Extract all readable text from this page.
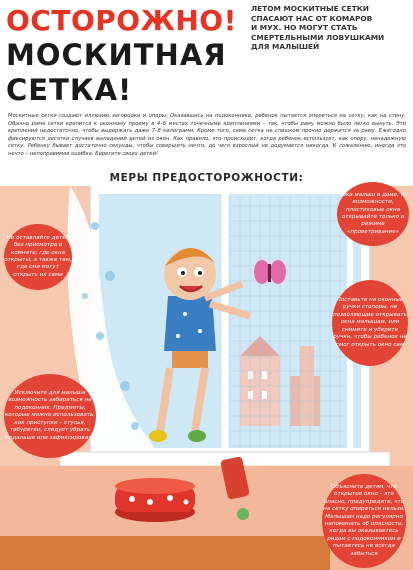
ОСТОРОЖНО!
МОСКИТНАЯ
СЕТКА!
ЛЕТОМ МОСКИТНЫЕ СЕТКИ
СПАСАЮТ НАС ОТ КОМАРОВ
И МУХ. НО МОГУТ СТАТЬ
СМЕРТЕЛЬНЫМИ ЛОВУШКАМИ
ДЛЯ МАЛЫШЕЙ

Москитные сетки создают иллюзию загородки и опоры. Оказавшись на подоконнике, ребенок пытается опереться на сетку, как на стену. Обычно рама сетки крепится к оконному проему в 4–6 местах точечными креплениями – так, чтобы раму можно было легко вынуть. Эти креплений недостаточно, чтобы выдержать даже 7–8 килограмм. Кроме того, сама сетка не слишком прочно держится за раму. Ежегодно фиксируются десятки случаев выпадений детей из окон. Как правило, это происходит, когда ребенок использует, как опору, ненадежную сетку. Ребенку бывает достаточно секунды, чтобы совершить нечто, до чего взрослый не додумается никогда. К сожалению, иногда это нечто – непоправимая ошибка. Берегите своих детей!

МЕРЫ ПРЕДОСТОРОЖНОСТИ:
Не оставляйте детей без присмотра в комнате, где окна открыты, а также там, где они могут открыть их сами
Пока малыш в доме, по возможности, пластиковые окна открывайте только в режиме «проветривание»
Поставьте на оконные ручки стопоры, не позволяющие открывать окна малышам, или снимите и уберите ручки, чтобы ребенок не смог открыть окно сам
Исключите для малыша возможность забираться на подоконник. Предметы, которые можно использовать, как приступки – стулья, табуретки, следует убрать подальше или зафиксировать
Объясните детям, что открытое окно – это опасно, предупредите, что на сетку опираться нельзя. Малышам надо регулярно напоминать об опасности, когда вы оказываетесь рядом с подоконником и пытаетесь не всегда забыться
